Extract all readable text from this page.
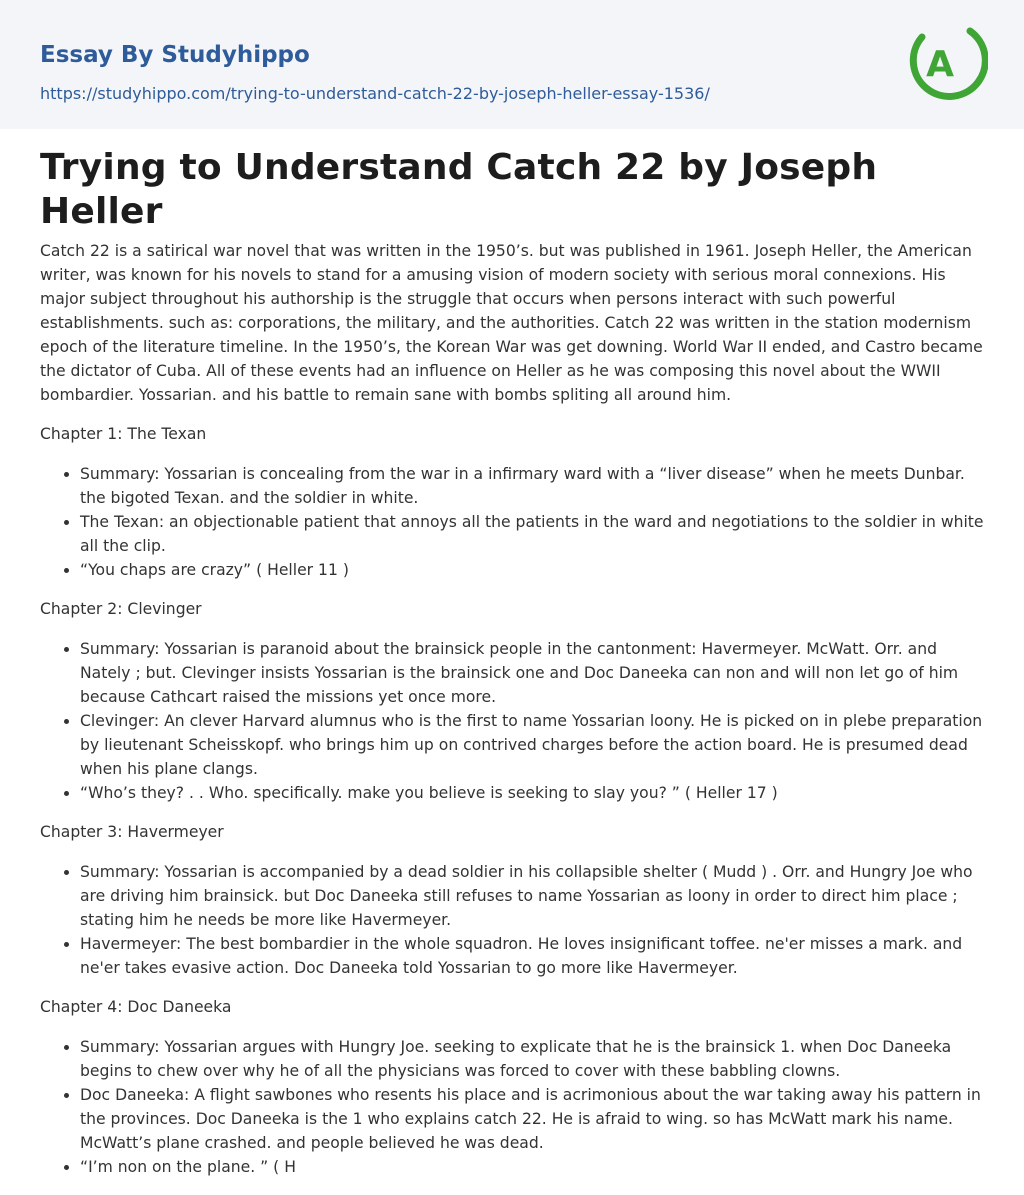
Essay By Studyhippo
https://studyhippo.com/trying-to-understand-catch-22-by-joseph-heller-essay-1536/
A
Trying to Understand Catch 22 by Joseph Heller

Catch 22 is a satirical war novel that was written in the 1950’s. but was published in 1961. Joseph Heller, the American writer, was known for his novels to stand for a amusing vision of modern society with serious moral connexions. His major subject throughout his authorship is the struggle that occurs when persons interact with such powerful establishments. such as: corporations, the military, and the authorities. Catch 22 was written in the station modernism epoch of the literature timeline. In the 1950’s, the Korean War was get downing. World War II ended, and Castro became the dictator of Cuba. All of these events had an influence on Heller as he was composing this novel about the WWII bombardier. Yossarian. and his battle to remain sane with bombs spliting all around him.

Chapter 1: The Texan
Summary: Yossarian is concealing from the war in a infirmary ward with a “liver disease” when he meets Dunbar. the bigoted Texan. and the soldier in white.
The Texan: an objectionable patient that annoys all the patients in the ward and negotiations to the soldier in white all the clip.
“You chaps are crazy” ( Heller 11 )
Chapter 2: Clevinger
Summary: Yossarian is paranoid about the brainsick people in the cantonment: Havermeyer. McWatt. Orr. and Nately ; but. Clevinger insists Yossarian is the brainsick one and Doc Daneeka can non and will non let go of him because Cathcart raised the missions yet once more.
Clevinger: An clever Harvard alumnus who is the first to name Yossarian loony. He is picked on in plebe preparation by lieutenant Scheisskopf. who brings him up on contrived charges before the action board. He is presumed dead when his plane clangs.
“Who’s they? . . Who. specifically. make you believe is seeking to slay you? ” ( Heller 17 )
Chapter 3: Havermeyer
Summary: Yossarian is accompanied by a dead soldier in his collapsible shelter ( Mudd ) . Orr. and Hungry Joe who are driving him brainsick. but Doc Daneeka still refuses to name Yossarian as loony in order to direct him place ; stating him he needs be more like Havermeyer.
Havermeyer: The best bombardier in the whole squadron. He loves insignificant toffee. ne'er misses a mark. and ne'er takes evasive action. Doc Daneeka told Yossarian to go more like Havermeyer.
Chapter 4: Doc Daneeka
Summary: Yossarian argues with Hungry Joe. seeking to explicate that he is the brainsick 1. when Doc Daneeka begins to chew over why he of all the physicians was forced to cover with these babbling clowns.
Doc Daneeka: A flight sawbones who resents his place and is acrimonious about the war taking away his pattern in the provinces. Doc Daneeka is the 1 who explains catch 22. He is afraid to wing. so has McWatt mark his name. McWatt’s plane crashed. and people believed he was dead.
“I’m non on the plane. ” ( H
